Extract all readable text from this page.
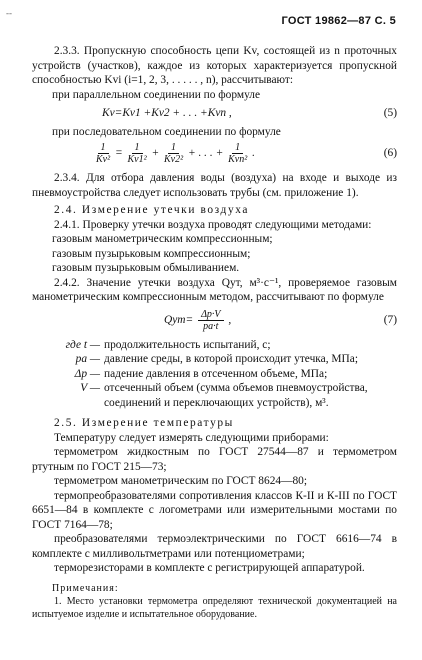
--
ГОСТ 19862—87 С. 5

2.3.3. Пропускную способность цепи Kv, состоящей из n проточных устройств (участков), каждое из которых характеризуется пропускной способностью Kvi (i=1, 2, 3, . . . . . , n), рассчитывают:

при параллельном соединении по формуле

Kv=Kv1 +Kv2 + . . . +Kvn ,	(5)

при последовательном соединении по формуле

$\frac{1}{\text{Kv²}} = \frac{1}{\text{Kv1²}} + \frac{1}{\text{Kv2²}}$ + . . . + $\frac{1}{\text{Kvn²}}$ .	(6)

2.3.4. Для отбора давления воды (воздуха) на входе и выходе из пневмоустройства следует использовать трубы (см. приложение 1).

2.4. Измерение утечки воздуха

2.4.1. Проверку утечки воздуха проводят следующими методами:

газовым манометрическим компрессионным;

газовым пузырьковым компрессионным;

газовым пузырьковым обмыливанием.

2.4.2. Значение утечки воздуха Qут, м³·с⁻¹, проверяемое газовым манометрическим компрессионным методом, рассчитывают по формуле

$Qут= \frac{\Delta p\cdot V}{pa\cdot t}$ ,	(7)
где t — продолжительность испытаний, с;
pa — давление среды, в которой происходит утечка, МПа;
Δp — падение давления в отсеченном объеме, МПа;
V — отсеченный объем (сумма объемов пневмоустройства, соединений и переключающих устройств), м³.

2.5. Измерение температуры

Температуру следует измерять следующими приборами:

термометром жидкостным по ГОСТ 27544—87 и термометром ртутным по ГОСТ 215—73;

термометром манометрическим по ГОСТ 8624—80;

термопреобразователями сопротивления классов К-II и К-III по ГОСТ 6651—84 в комплекте с логометрами или измерительными мостами по ГОСТ 7164—78;

преобразователями термоэлектрическими по ГОСТ 6616—74 в комплекте с милливольтметрами или потенциометрами;

терморезисторами в комплекте с регистрирующей аппаратурой.

Примечания:

1. Место установки термометра определяют технической документацией на испытуемое изделие и испытательное оборудование.
